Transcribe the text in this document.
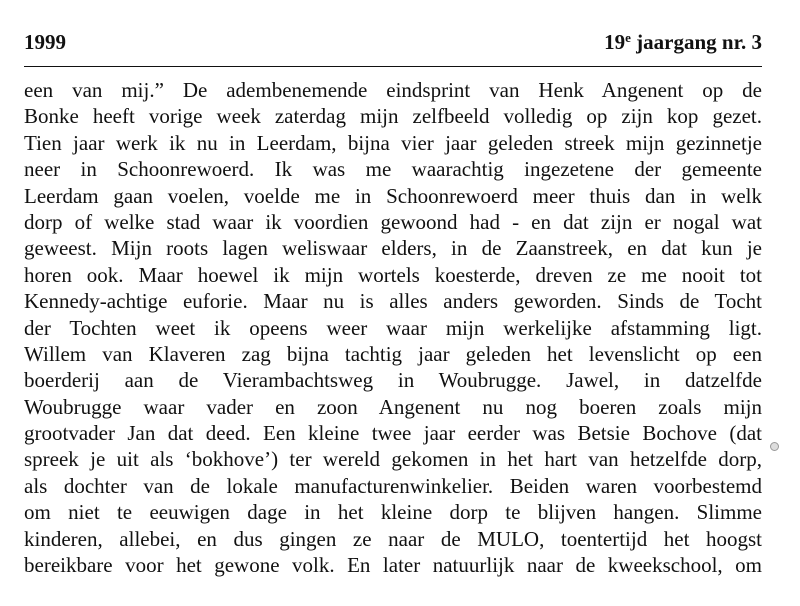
1999	19e jaargang nr. 3
een van mij.” De adembenemende eindsprint van Henk Angenent op de
Bonke heeft vorige week zaterdag mijn zelfbeeld volledig op zijn kop gezet.
Tien jaar werk ik nu in Leerdam, bijna vier jaar geleden streek mijn gezinnetje
neer in Schoonrewoerd. Ik was me waarachtig ingezetene der gemeente
Leerdam gaan voelen, voelde me in Schoonrewoerd meer thuis dan in welk
dorp of welke stad waar ik voordien gewoond had - en dat zijn er nogal wat
geweest. Mijn roots lagen weliswaar elders, in de Zaanstreek, en dat kun je
horen ook. Maar hoewel ik mijn wortels koesterde, dreven ze me nooit tot
Kennedy-achtige euforie. Maar nu is alles anders geworden. Sinds de Tocht
der Tochten weet ik opeens weer waar mijn werkelijke afstamming ligt.
Willem van Klaveren zag bijna tachtig jaar geleden het levenslicht op een
boerderij aan de Vierambachtsweg in Woubrugge. Jawel, in datzelfde
Woubrugge waar vader en zoon Angenent nu nog boeren zoals mijn
grootvader Jan dat deed. Een kleine twee jaar eerder was Betsie Bochove (dat
spreek je uit als ‘bokhove’) ter wereld gekomen in het hart van hetzelfde dorp,
als dochter van de lokale manufacturenwinkelier. Beiden waren voorbestemd
om niet te eeuwigen dage in het kleine dorp te blijven hangen. Slimme
kinderen, allebei, en dus gingen ze naar de MULO, toentertijd het hoogst
bereikbare voor het gewone volk. En later natuurlijk naar de kweekschool, om
